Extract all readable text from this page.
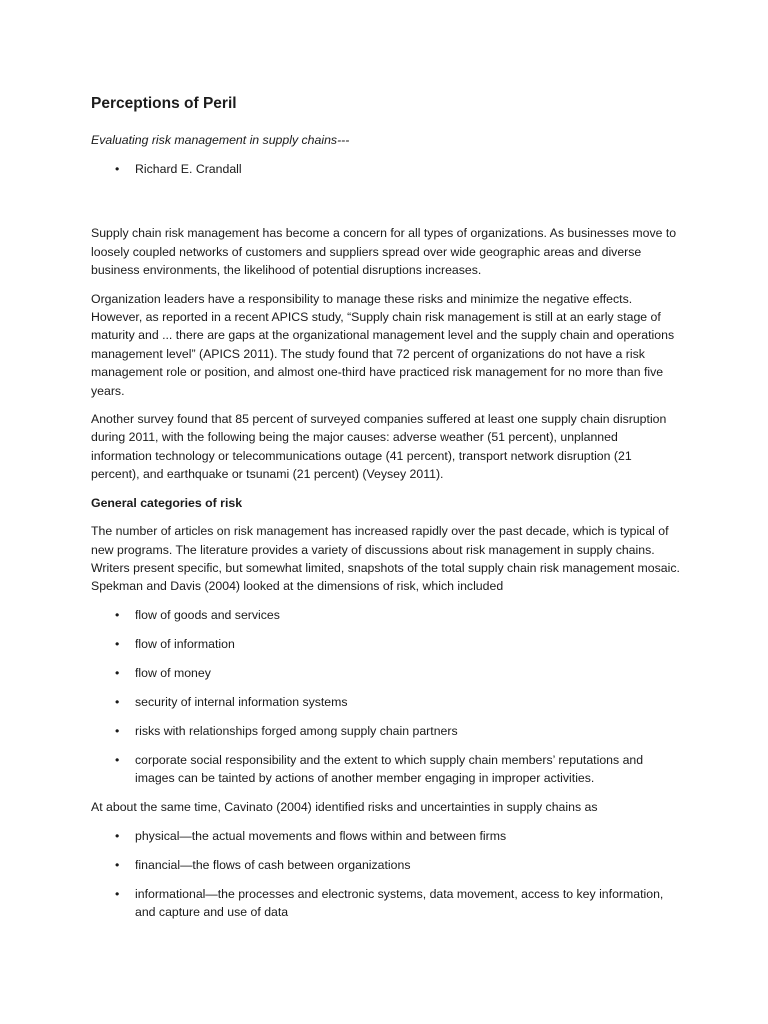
Perceptions of Peril

Evaluating risk management in supply chains---

• Richard E. Crandall

Supply chain risk management has become a concern for all types of organizations. As businesses move to loosely coupled networks of customers and suppliers spread over wide geographic areas and diverse business environments, the likelihood of potential disruptions increases.

Organization leaders have a responsibility to manage these risks and minimize the negative effects. However, as reported in a recent APICS study, “Supply chain risk management is still at an early stage of maturity and ... there are gaps at the organizational management level and the supply chain and operations management level” (APICS 2011). The study found that 72 percent of organizations do not have a risk management role or position, and almost one-third have practiced risk management for no more than five years.

Another survey found that 85 percent of surveyed companies suffered at least one supply chain disruption during 2011, with the following being the major causes: adverse weather (51 percent), unplanned information technology or telecommunications outage (41 percent), transport network disruption (21 percent), and earthquake or tsunami (21 percent) (Veysey 2011).

General categories of risk

The number of articles on risk management has increased rapidly over the past decade, which is typical of new programs. The literature provides a variety of discussions about risk management in supply chains. Writers present specific, but somewhat limited, snapshots of the total supply chain risk management mosaic. Spekman and Davis (2004) looked at the dimensions of risk, which included

• flow of goods and services
• flow of information
• flow of money
• security of internal information systems
• risks with relationships forged among supply chain partners
• corporate social responsibility and the extent to which supply chain members’ reputations and images can be tainted by actions of another member engaging in improper activities.

At about the same time, Cavinato (2004) identified risks and uncertainties in supply chains as

• physical—the actual movements and flows within and between firms
• financial—the flows of cash between organizations
• informational—the processes and electronic systems, data movement, access to key information, and capture and use of data
